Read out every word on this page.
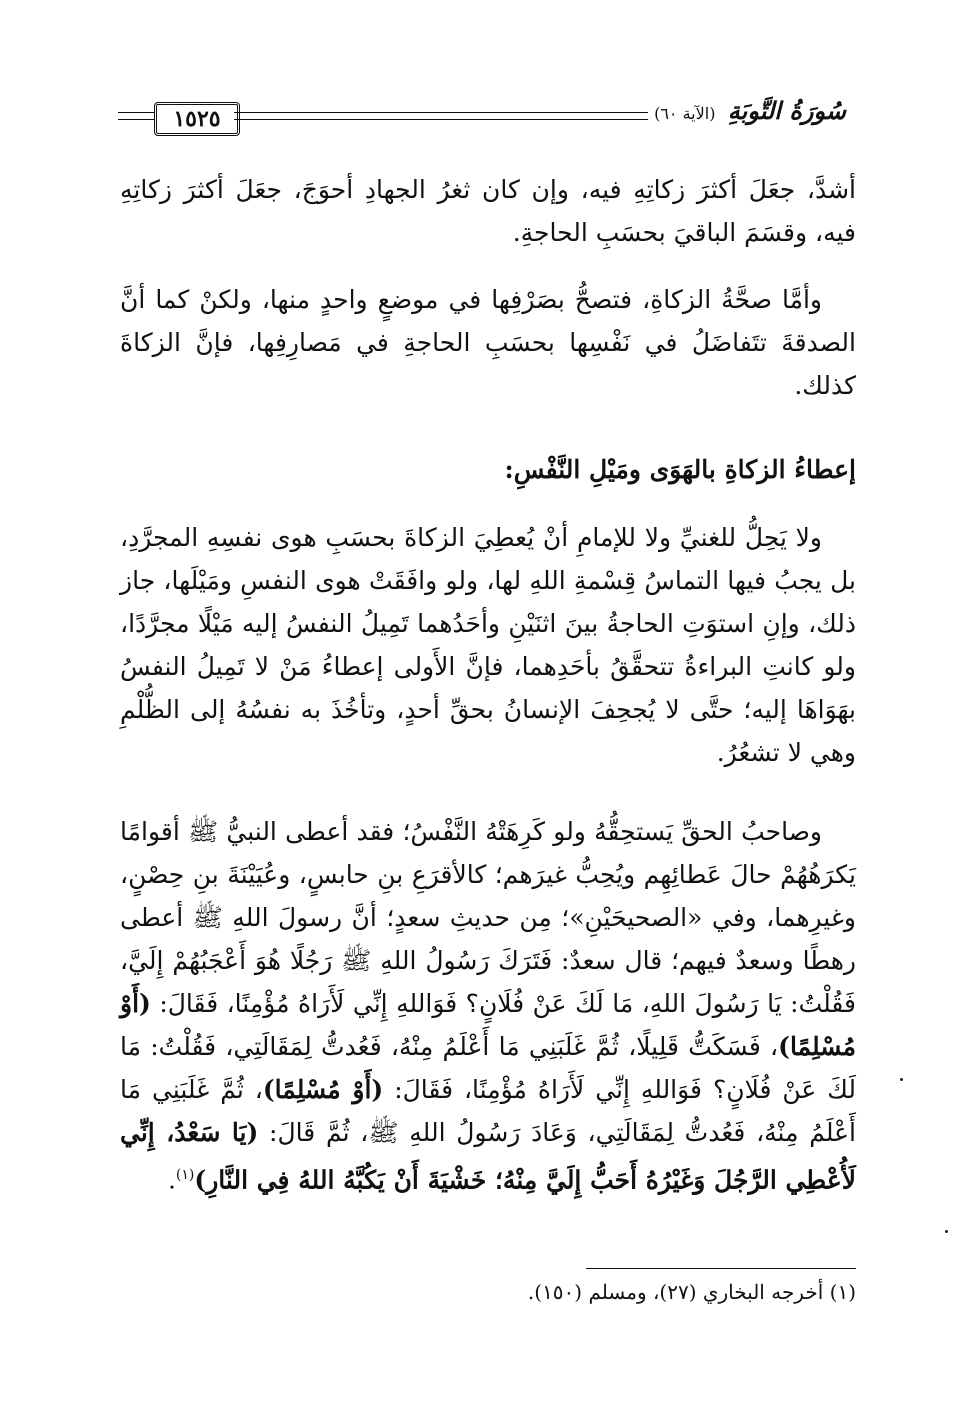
١٥٢٥	سُورَةُ التَّوبَةِ (الآية ٦٠)
أشدَّ، جعَلَ أكثرَ زكاتِهِ فيه، وإن كان ثغرُ الجهادِ أحوَجَ، جعَلَ أكثرَ زكاتِهِ فيه، وقسَمَ الباقيَ بحسَبِ الحاجةِ.
وأمَّا صحَّةُ الزكاةِ، فتصحُّ بصَرْفِها في موضعٍ واحدٍ منها، ولكنْ كما أنَّ الصدقةَ تتَفاضَلُ في نَفْسِها بحسَبِ الحاجةِ في مَصارِفِها، فإنَّ الزكاةَ كذلك.
إعطاءُ الزكاةِ بالهَوَى ومَيْلِ النَّفْسِ:
ولا يَحِلُّ للغنيِّ ولا للإمامِ أنْ يُعطِيَ الزكاةَ بحسَبِ هوى نفسِهِ المجرَّدِ، بل يجبُ فيها التماسُ قِسْمةِ اللهِ لها، ولو وافَقَتْ هوى النفسِ ومَيْلَها، جاز ذلك، وإنِ استوَتِ الحاجةُ بينَ اثنَيْنِ وأحَدُهما تَمِيلُ النفسُ إليه مَيْلًا مجرَّدًا، ولو كانتِ البراءةُ تتحقَّقُ بأحَدِهما، فإنَّ الأَولى إعطاءُ مَنْ لا تَمِيلُ النفسُ بهَوَاهَا إليه؛ حتَّى لا يُجحِفَ الإنسانُ بحقِّ أحدٍ، وتأخُذَ به نفسُهُ إلى الظُّلْمِ وهي لا تشعُرُ.
وصاحبُ الحقِّ يَستحِقُّهُ ولو كَرِهَتْهُ النَّفْسُ؛ فقد أعطى النبيُّ ﷺ أقوامًا يَكرَهُهُمْ حالَ عَطائِهِم ويُحِبُّ غيرَهم؛ كالأقرَعِ بنِ حابسٍ، وعُيَيْنَةَ بنِ حِصْنٍ، وغيرِهما، وفي «الصحيحَيْنِ»؛ مِن حديثِ سعدٍ؛ أنَّ رسولَ اللهِ ﷺ أعطى رهطًا وسعدٌ فيهم؛ قال سعدٌ: فَتَرَكَ رَسُولُ اللهِ ﷺ رَجُلًا هُوَ أَعْجَبُهُمْ إِلَيَّ، فَقُلْتُ: يَا رَسُولَ اللهِ، مَا لَكَ عَنْ فُلَانٍ؟ فَوَاللهِ إِنِّي لَأَرَاهُ مُؤْمِنًا، فَقَالَ: (أَوْ مُسْلِمًا)، فَسَكَتُّ قَلِيلًا، ثُمَّ غَلَبَنِي مَا أَعْلَمُ مِنْهُ، فَعُدتُّ لِمَقَالَتِي، فَقُلْتُ: مَا لَكَ عَنْ فُلَانٍ؟ فَوَاللهِ إِنِّي لَأَرَاهُ مُؤْمِنًا، فَقَالَ: (أَوْ مُسْلِمًا)، ثُمَّ غَلَبَنِي مَا أَعْلَمُ مِنْهُ، فَعُدتُّ لِمَقَالَتِي، وَعَادَ رَسُولُ اللهِ ﷺ، ثُمَّ قَالَ: (يَا سَعْدُ، إِنِّي لَأُعْطِي الرَّجُلَ وَغَيْرُهُ أَحَبُّ إِلَيَّ مِنْهُ؛ خَشْيَةَ أَنْ يَكُبَّهُ اللهُ فِي النَّارِ)$^{(١)}$.
(١) أخرجه البخاري (٢٧)، ومسلم (١٥٠).
